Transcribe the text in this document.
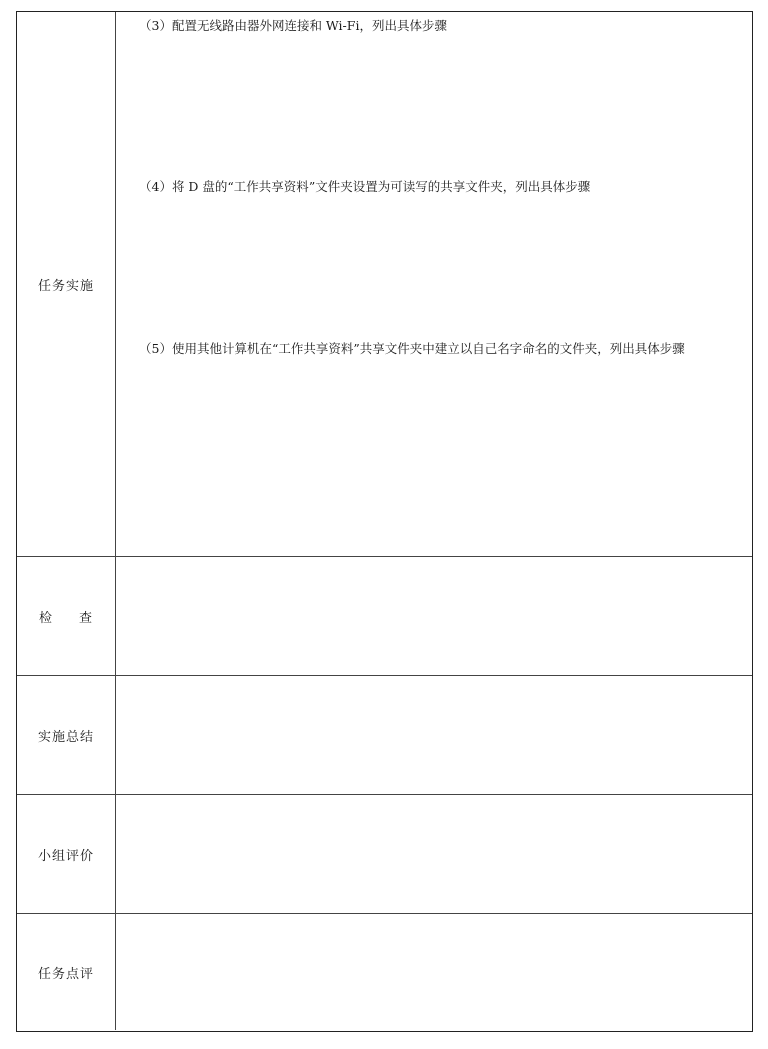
任务实施
（3）配置无线路由器外网连接和 Wi-Fi，列出具体步骤
（4）将 D 盘的“工作共享资料”文件夹设置为可读写的共享文件夹，列出具体步骤
（5）使用其他计算机在“工作共享资料”共享文件夹中建立以自己名字命名的文件夹，列出具体步骤
检 查
实施总结
小组评价
任务点评
